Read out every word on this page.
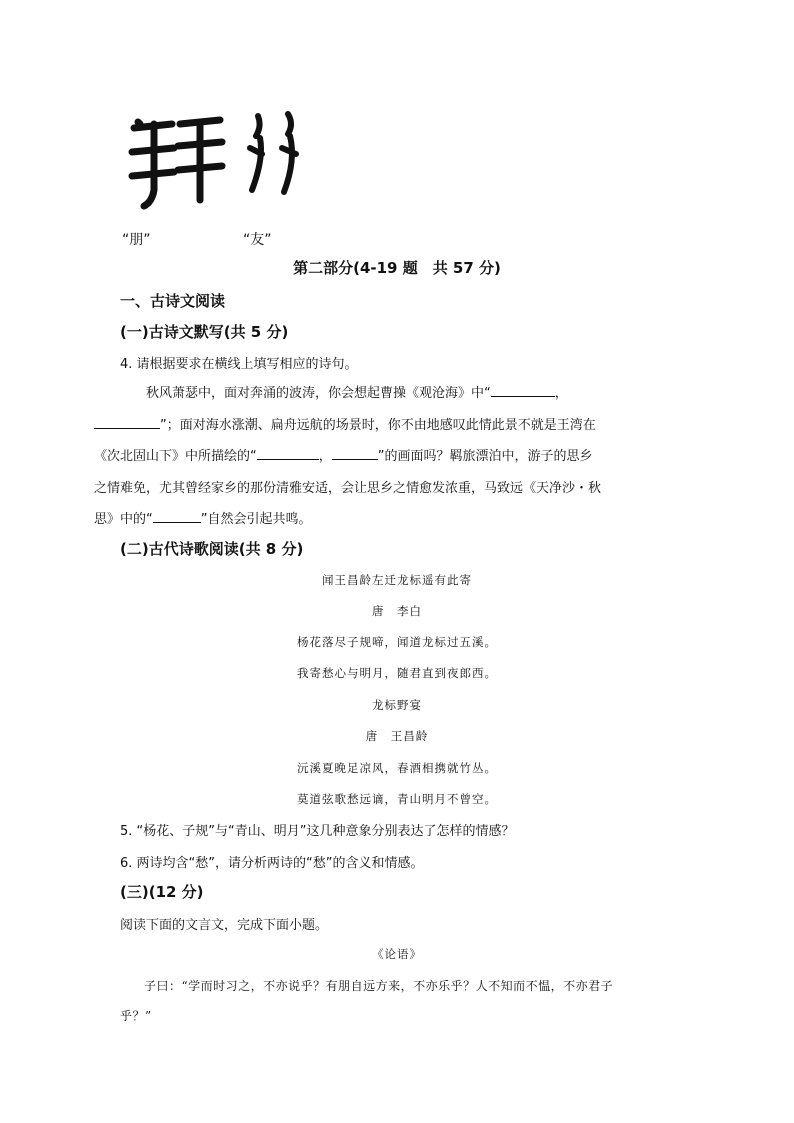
“朋”	“友”
第二部分(4-19 题　共 57 分)
一、古诗文阅读
(一)古诗文默写(共 5 分)
4. 请根据要求在横线上填写相应的诗句。
秋风萧瑟中，面对奔涌的波涛，你会想起曹操《观沧海》中“	，
”；面对海水涨潮、扁舟远航的场景时，你不由地感叹此情此景不就是王湾在
《次北固山下》中所描绘的“	，	”的画面吗？羁旅漂泊中，游子的思乡
之情难免，尤其曾经家乡的那份清雅安适，会让思乡之情愈发浓重，马致远《天净沙・秋
思》中的“	”自然会引起共鸣。
(二)古代诗歌阅读(共 8 分)
闻王昌龄左迁龙标遥有此寄
唐　李白
杨花落尽子规啼，闻道龙标过五溪。
我寄愁心与明月，随君直到夜郎西。
龙标野宴
唐　王昌龄
沅溪夏晚足凉风，春酒相携就竹丛。
莫道弦歌愁远谪，青山明月不曾空。
5. “杨花、子规”与“青山、明月”这几种意象分别表达了怎样的情感？
6. 两诗均含“愁”，请分析两诗的“愁”的含义和情感。
(三)(12 分)
阅读下面的文言文，完成下面小题。
《论语》
子曰：“学而时习之，不亦说乎？有朋自远方来，不亦乐乎？人不知而不愠，不亦君子
乎？”
